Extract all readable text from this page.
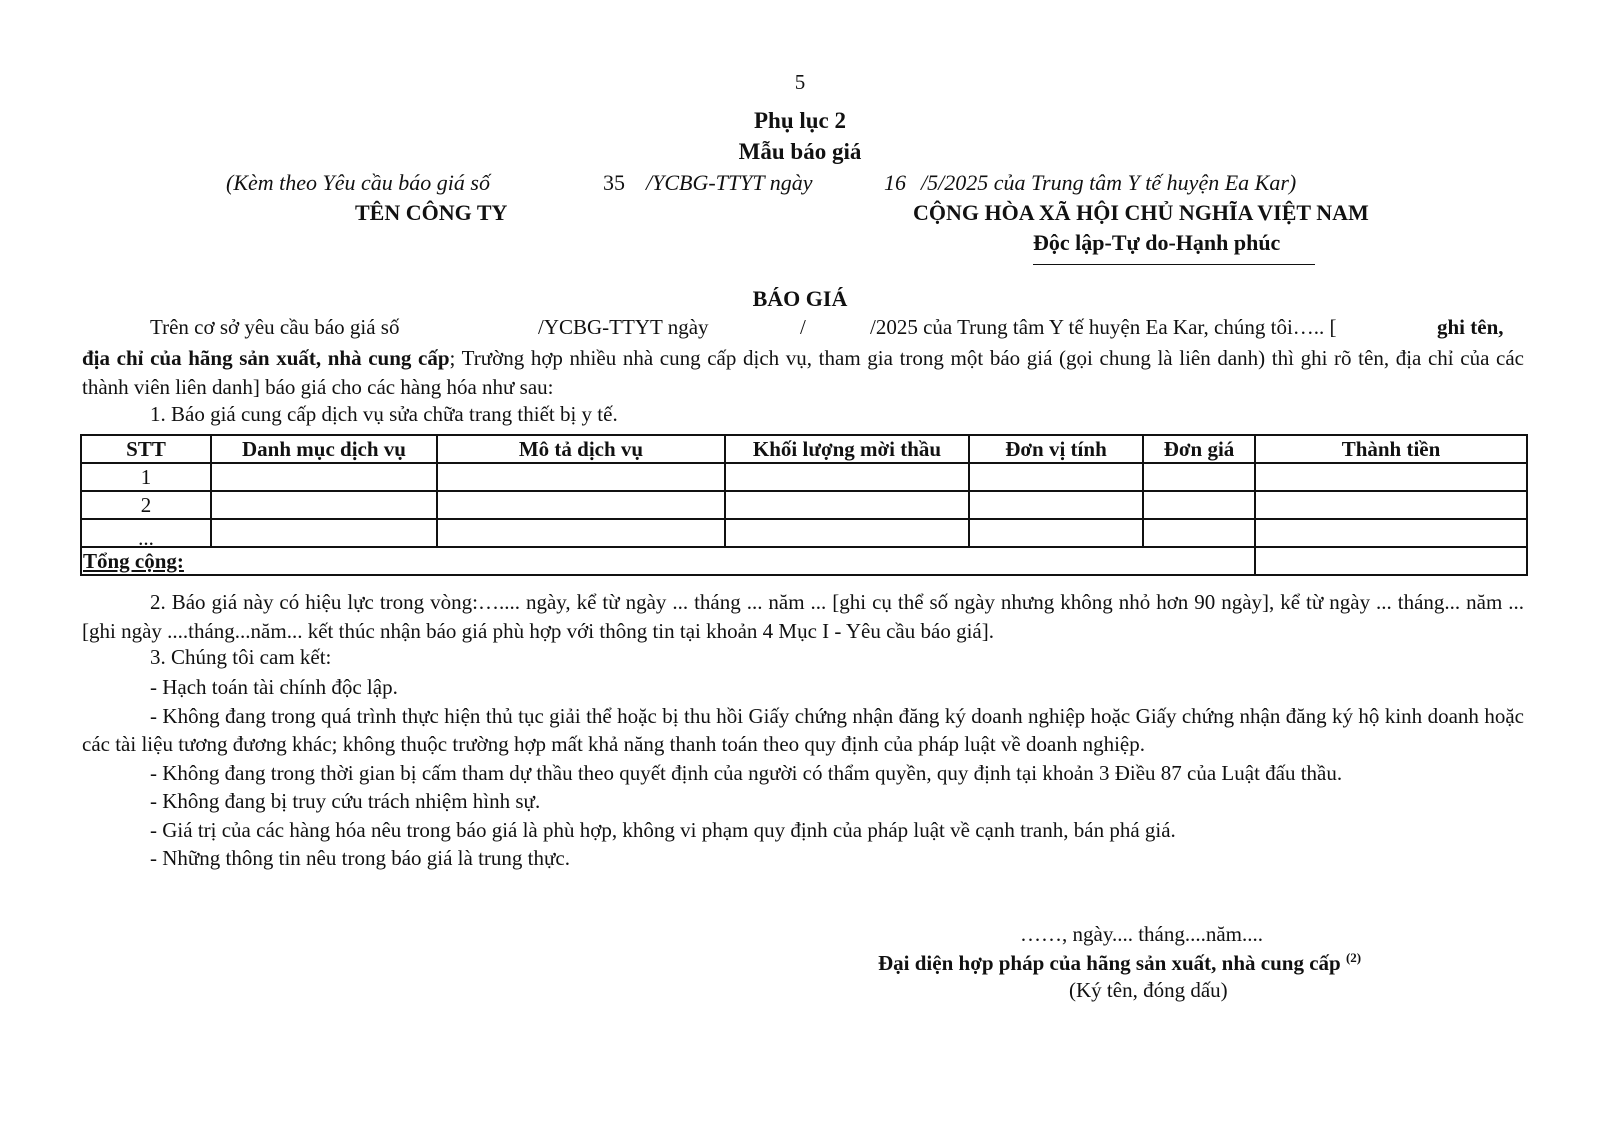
5
Phụ lục 2
Mẫu báo giá
(Kèm theo Yêu cầu báo giá số	35 /YCBG-TTYT ngày	16 /5/2025 của Trung tâm Y tế huyện Ea Kar)
TÊN CÔNG TY	CỘNG HÒA XÃ HỘI CHỦ NGHĨA VIỆT NAM
Độc lập-Tự do-Hạnh phúc
BÁO GIÁ
Trên cơ sở yêu cầu báo giá số	/YCBG-TTYT ngày	/	/2025 của Trung tâm Y tế huyện Ea Kar, chúng tôi….. [	ghi tên,

địa chỉ của hãng sản xuất, nhà cung cấp; Trường hợp nhiều nhà cung cấp dịch vụ, tham gia trong một báo giá (gọi chung là liên danh) thì ghi rõ tên, địa chỉ của các thành viên liên danh] báo giá cho các hàng hóa như sau:

1. Báo giá cung cấp dịch vụ sửa chữa trang thiết bị y tế.
STT	Danh mục dịch vụ	Mô tả dịch vụ	Khối lượng mời thầu	Đơn vị tính	Đơn giá	Thành tiền
1						
2						
...						
Tổng cộng:						

2. Báo giá này có hiệu lực trong vòng:….... ngày, kể từ ngày ... tháng ... năm ... [ghi cụ thể số ngày nhưng không nhỏ hơn 90 ngày], kể từ ngày ... tháng... năm ... [ghi ngày ....tháng...năm... kết thúc nhận báo giá phù hợp với thông tin tại khoản 4 Mục I - Yêu cầu báo giá].

3. Chúng tôi cam kết:

- Hạch toán tài chính độc lập.

- Không đang trong quá trình thực hiện thủ tục giải thể hoặc bị thu hồi Giấy chứng nhận đăng ký doanh nghiệp hoặc Giấy chứng nhận đăng ký hộ kinh doanh hoặc các tài liệu tương đương khác; không thuộc trường hợp mất khả năng thanh toán theo quy định của pháp luật về doanh nghiệp.

- Không đang trong thời gian bị cấm tham dự thầu theo quyết định của người có thẩm quyền, quy định tại khoản 3 Điều 87 của Luật đấu thầu.

- Không đang bị truy cứu trách nhiệm hình sự.

- Giá trị của các hàng hóa nêu trong báo giá là phù hợp, không vi phạm quy định của pháp luật về cạnh tranh, bán phá giá.

- Những thông tin nêu trong báo giá là trung thực.

……, ngày.... tháng....năm....
Đại diện hợp pháp của hãng sản xuất, nhà cung cấp $^{(2)}$
(Ký tên, đóng dấu)
